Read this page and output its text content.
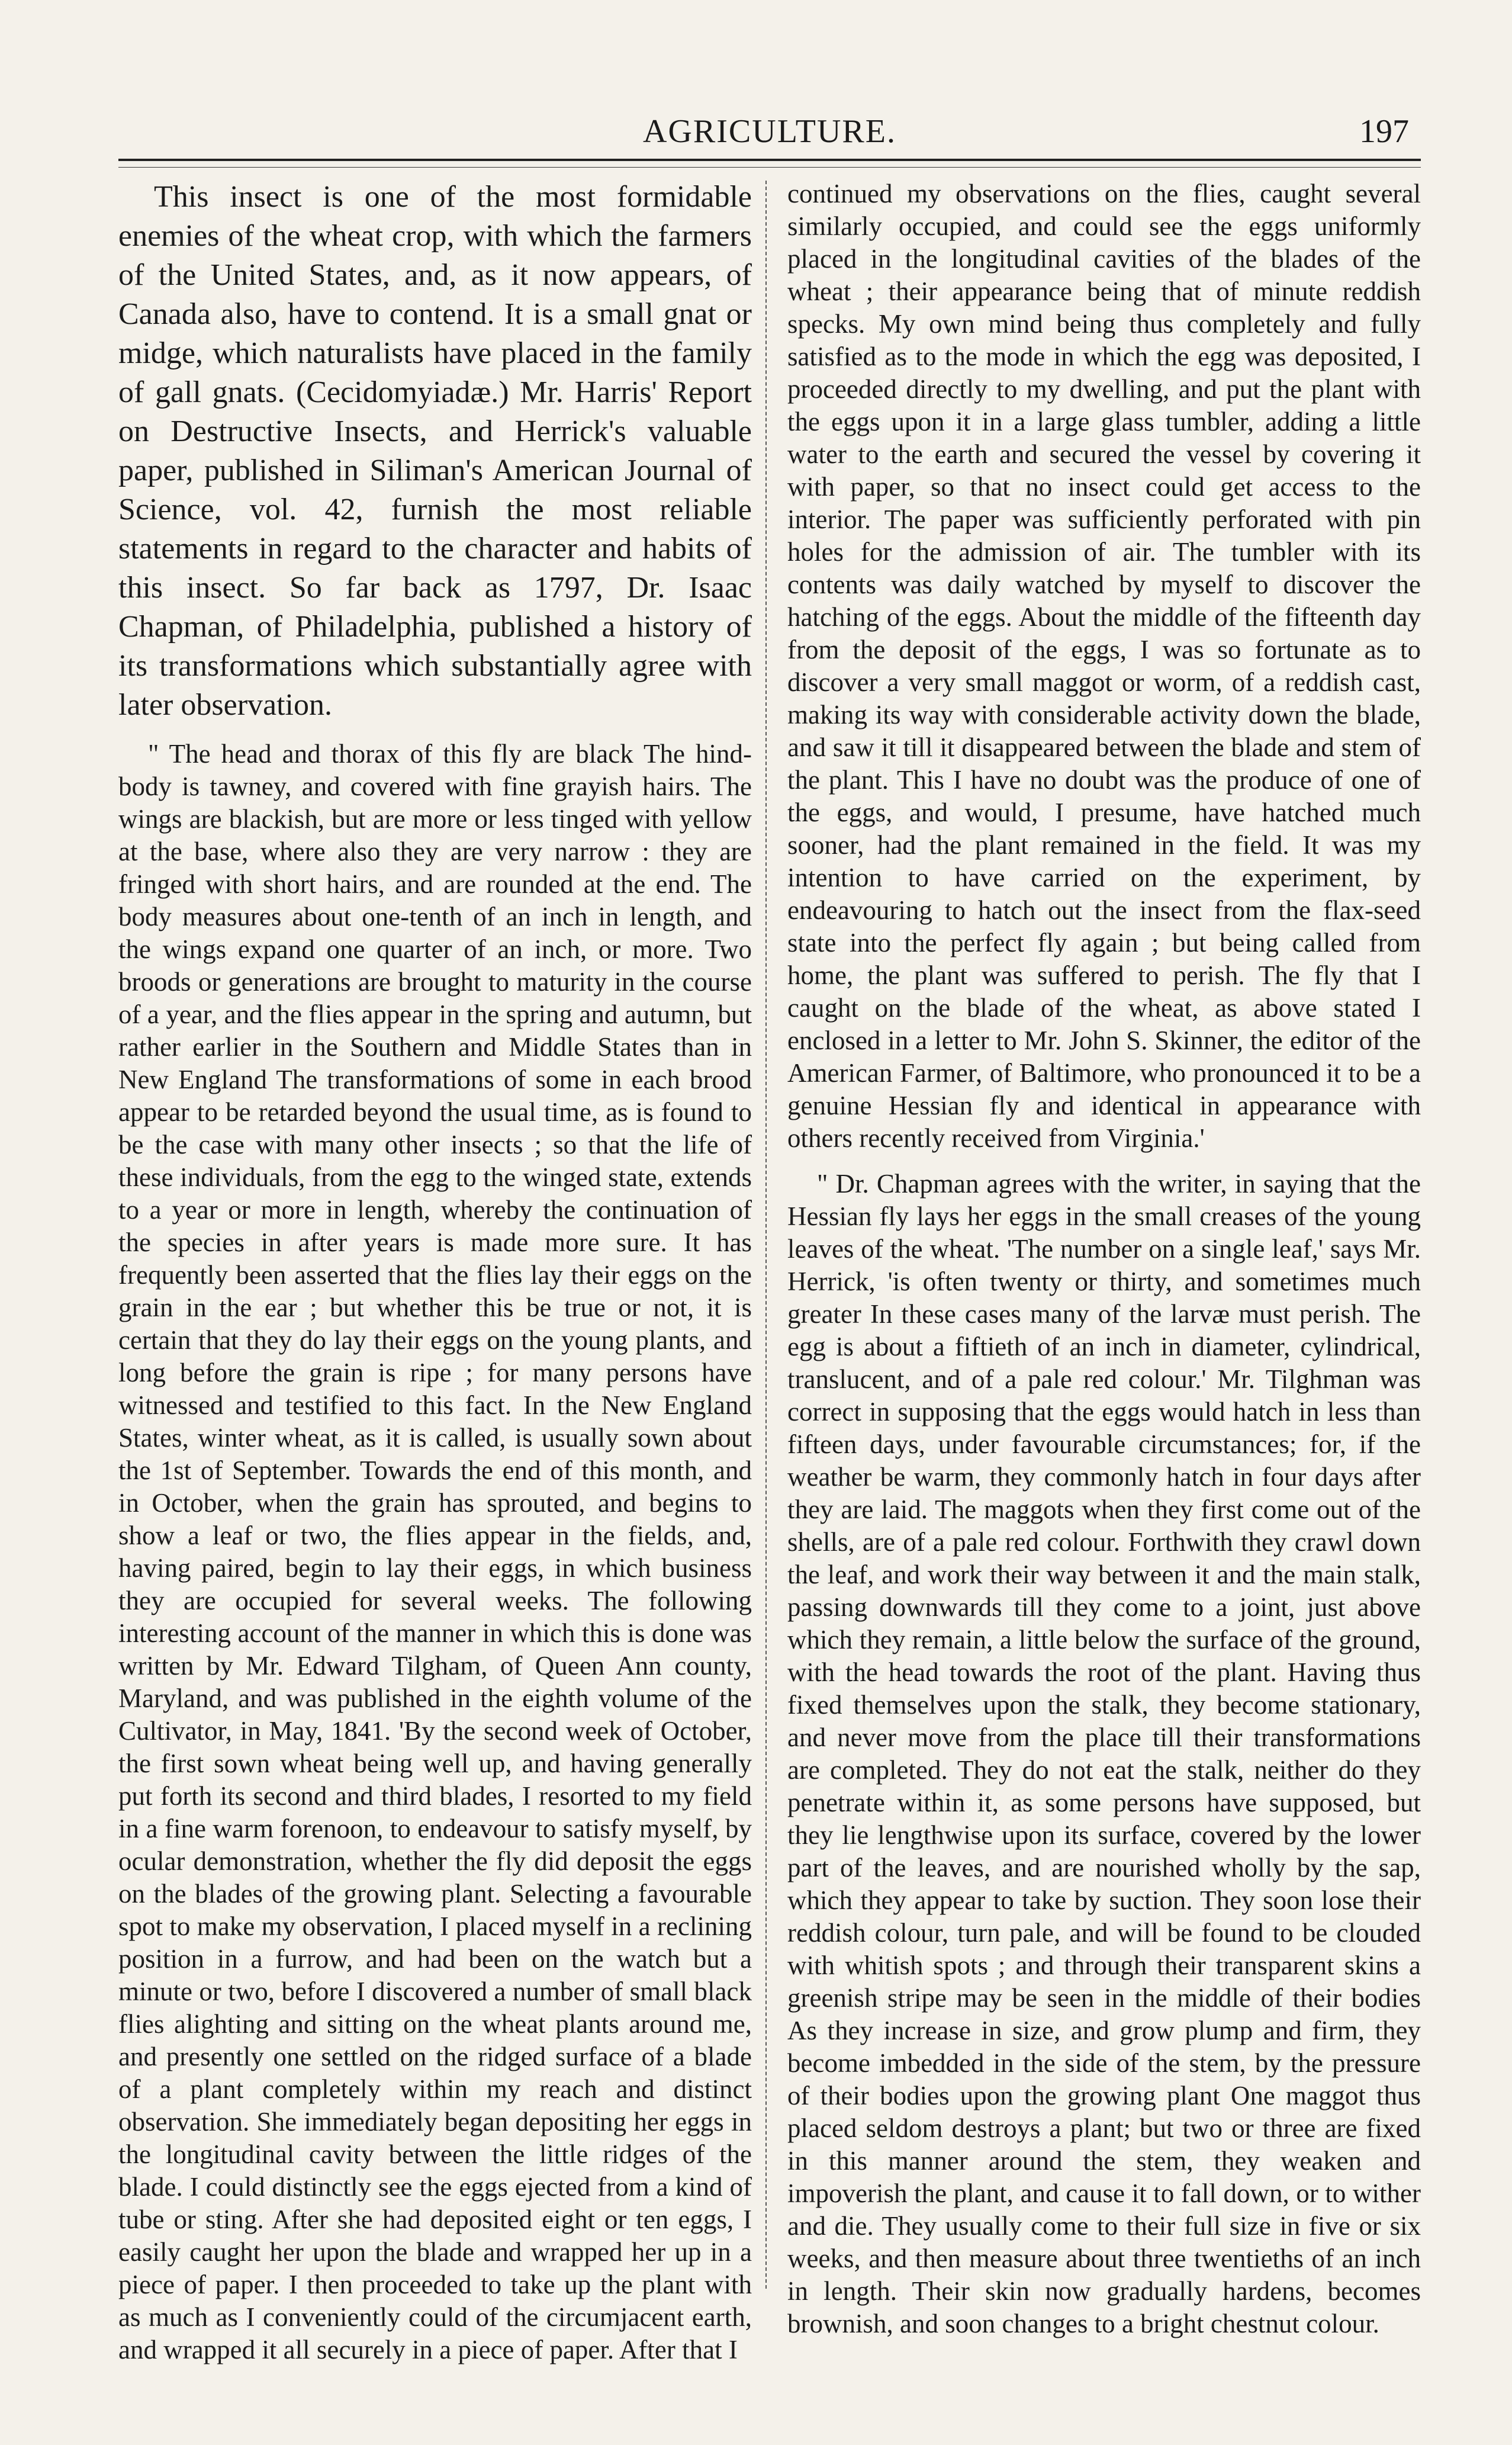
AGRICULTURE.	197

This insect is one of the most formidable enemies of the wheat crop, with which the farmers of the United States, and, as it now appears, of Canada also, have to contend. It is a small gnat or midge, which naturalists have placed in the family of gall gnats. (Cecidomyiadæ.) Mr. Harris' Report on Destructive Insects, and Herrick's valuable paper, published in Siliman's American Journal of Science, vol. 42, furnish the most reliable statements in regard to the character and habits of this insect. So far back as 1797, Dr. Isaac Chapman, of Philadelphia, published a history of its transformations which substantially agree with later observation.

" The head and thorax of this fly are black The hind-body is tawney, and covered with fine grayish hairs. The wings are blackish, but are more or less tinged with yellow at the base, where also they are very narrow : they are fringed with short hairs, and are rounded at the end. The body measures about one-tenth of an inch in length, and the wings expand one quarter of an inch, or more. Two broods or generations are brought to maturity in the course of a year, and the flies appear in the spring and autumn, but rather earlier in the Southern and Middle States than in New England The transformations of some in each brood appear to be retarded beyond the usual time, as is found to be the case with many other insects ; so that the life of these individuals, from the egg to the winged state, extends to a year or more in length, whereby the continuation of the species in after years is made more sure. It has frequently been asserted that the flies lay their eggs on the grain in the ear ; but whether this be true or not, it is certain that they do lay their eggs on the young plants, and long before the grain is ripe ; for many persons have witnessed and testified to this fact. In the New England States, winter wheat, as it is called, is usually sown about the 1st of September. Towards the end of this month, and in October, when the grain has sprouted, and begins to show a leaf or two, the flies appear in the fields, and, having paired, begin to lay their eggs, in which business they are occupied for several weeks. The following interesting account of the manner in which this is done was written by Mr. Edward Tilgham, of Queen Ann county, Maryland, and was published in the eighth volume of the Cultivator, in May, 1841. 'By the second week of October, the first sown wheat being well up, and having generally put forth its second and third blades, I resorted to my field in a fine warm forenoon, to endeavour to satisfy myself, by ocular demonstration, whether the fly did deposit the eggs on the blades of the growing plant. Selecting a favourable spot to make my observation, I placed myself in a reclining position in a furrow, and had been on the watch but a minute or two, before I discovered a number of small black flies alighting and sitting on the wheat plants around me, and presently one settled on the ridged surface of a blade of a plant completely within my reach and distinct observation. She immediately began depositing her eggs in the longitudinal cavity between the little ridges of the blade. I could distinctly see the eggs ejected from a kind of tube or sting. After she had deposited eight or ten eggs, I easily caught her upon the blade and wrapped her up in a piece of paper. I then proceeded to take up the plant with as much as I conveniently could of the circumjacent earth, and wrapped it all securely in a piece of paper. After that I

continued my observations on the flies, caught several similarly occupied, and could see the eggs uniformly placed in the longitudinal cavities of the blades of the wheat ; their appearance being that of minute reddish specks. My own mind being thus completely and fully satisfied as to the mode in which the egg was deposited, I proceeded directly to my dwelling, and put the plant with the eggs upon it in a large glass tumbler, adding a little water to the earth and secured the vessel by covering it with paper, so that no insect could get access to the interior. The paper was sufficiently perforated with pin holes for the admission of air. The tumbler with its contents was daily watched by myself to discover the hatching of the eggs. About the middle of the fifteenth day from the deposit of the eggs, I was so fortunate as to discover a very small maggot or worm, of a reddish cast, making its way with considerable activity down the blade, and saw it till it disappeared between the blade and stem of the plant. This I have no doubt was the produce of one of the eggs, and would, I presume, have hatched much sooner, had the plant remained in the field. It was my intention to have carried on the experiment, by endeavouring to hatch out the insect from the flax-seed state into the perfect fly again ; but being called from home, the plant was suffered to perish. The fly that I caught on the blade of the wheat, as above stated I enclosed in a letter to Mr. John S. Skinner, the editor of the American Farmer, of Baltimore, who pronounced it to be a genuine Hessian fly and identical in appearance with others recently received from Virginia.'

" Dr. Chapman agrees with the writer, in saying that the Hessian fly lays her eggs in the small creases of the young leaves of the wheat. 'The number on a single leaf,' says Mr. Herrick, 'is often twenty or thirty, and sometimes much greater In these cases many of the larvæ must perish. The egg is about a fiftieth of an inch in diameter, cylindrical, translucent, and of a pale red colour.' Mr. Tilghman was correct in supposing that the eggs would hatch in less than fifteen days, under favourable circumstances; for, if the weather be warm, they commonly hatch in four days after they are laid. The maggots when they first come out of the shells, are of a pale red colour. Forthwith they crawl down the leaf, and work their way between it and the main stalk, passing downwards till they come to a joint, just above which they remain, a little below the surface of the ground, with the head towards the root of the plant. Having thus fixed themselves upon the stalk, they become stationary, and never move from the place till their transformations are completed. They do not eat the stalk, neither do they penetrate within it, as some persons have supposed, but they lie lengthwise upon its surface, covered by the lower part of the leaves, and are nourished wholly by the sap, which they appear to take by suction. They soon lose their reddish colour, turn pale, and will be found to be clouded with whitish spots ; and through their transparent skins a greenish stripe may be seen in the middle of their bodies As they increase in size, and grow plump and firm, they become imbedded in the side of the stem, by the pressure of their bodies upon the growing plant One maggot thus placed seldom destroys a plant; but two or three are fixed in this manner around the stem, they weaken and impoverish the plant, and cause it to fall down, or to wither and die. They usually come to their full size in five or six weeks, and then measure about three twentieths of an inch in length. Their skin now gradually hardens, becomes brownish, and soon changes to a bright chestnut colour.
